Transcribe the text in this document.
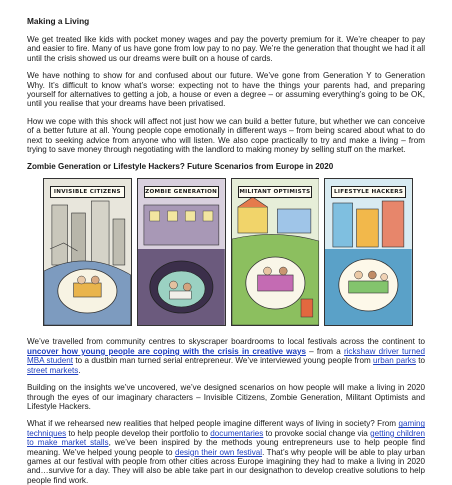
Making a Living

We get treated like kids with pocket money wages and pay the poverty premium for it. We’re cheaper to pay and easier to fire. Many of us have gone from low pay to no pay. We’re the generation that thought we had it all until the crisis showed us our dreams were built on a house of cards.

We have nothing to show for and confused about our future. We’ve gone from Generation Y to Generation Why. It’s difficult to know what’s worse: expecting not to have the things your parents had, and preparing yourself for alternatives to getting a job, a house or even a degree – or assuming everything’s going to be OK, until you realise that your dreams have been privatised.

How we cope with this shock will affect not just how we can build a better future, but whether we can conceive of a better future at all. Young people cope emotionally in different ways – from being scared about what to do next to seeking advice from anyone who will listen. We also cope practically to try and make a living – from trying to save money through negotiating with the landlord to making money by selling stuff on the market.

Zombie Generation or Lifestyle Hackers? Future Scenarios from Europe in 2020
INVISIBLE CITIZENS	ZOMBIE GENERATION	MILITANT OPTIMISTS	LIFESTYLE HACKERS

We’ve travelled from community centres to skyscraper boardrooms to local festivals across the continent to uncover how young people are coping with the crisis in creative ways – from a rickshaw driver turned MBA student to a dustbin man turned serial entrepreneur. We’ve interviewed young people from urban parks to street markets.

Building on the insights we’ve uncovered, we’ve designed scenarios on how people will make a living in 2020 through the eyes of our imaginary characters – Invisible Citizens, Zombie Generation, Militant Optimists and Lifestyle Hackers.

What if we rehearsed new realities that helped people imagine different ways of living in society? From gaming techniques to help people develop their portfolio to documentaries to provoke social change via getting children to make market stalls, we’ve been inspired by the methods young entrepreneurs use to help people find meaning. We’ve helped young people to design their own festival. That’s why people will be able to play urban games at our festival with people from other cities across Europe imagining they had to make a living in 2020 and…survive for a day. They will also be able take part in our designathon to develop creative solutions to help people find work.
